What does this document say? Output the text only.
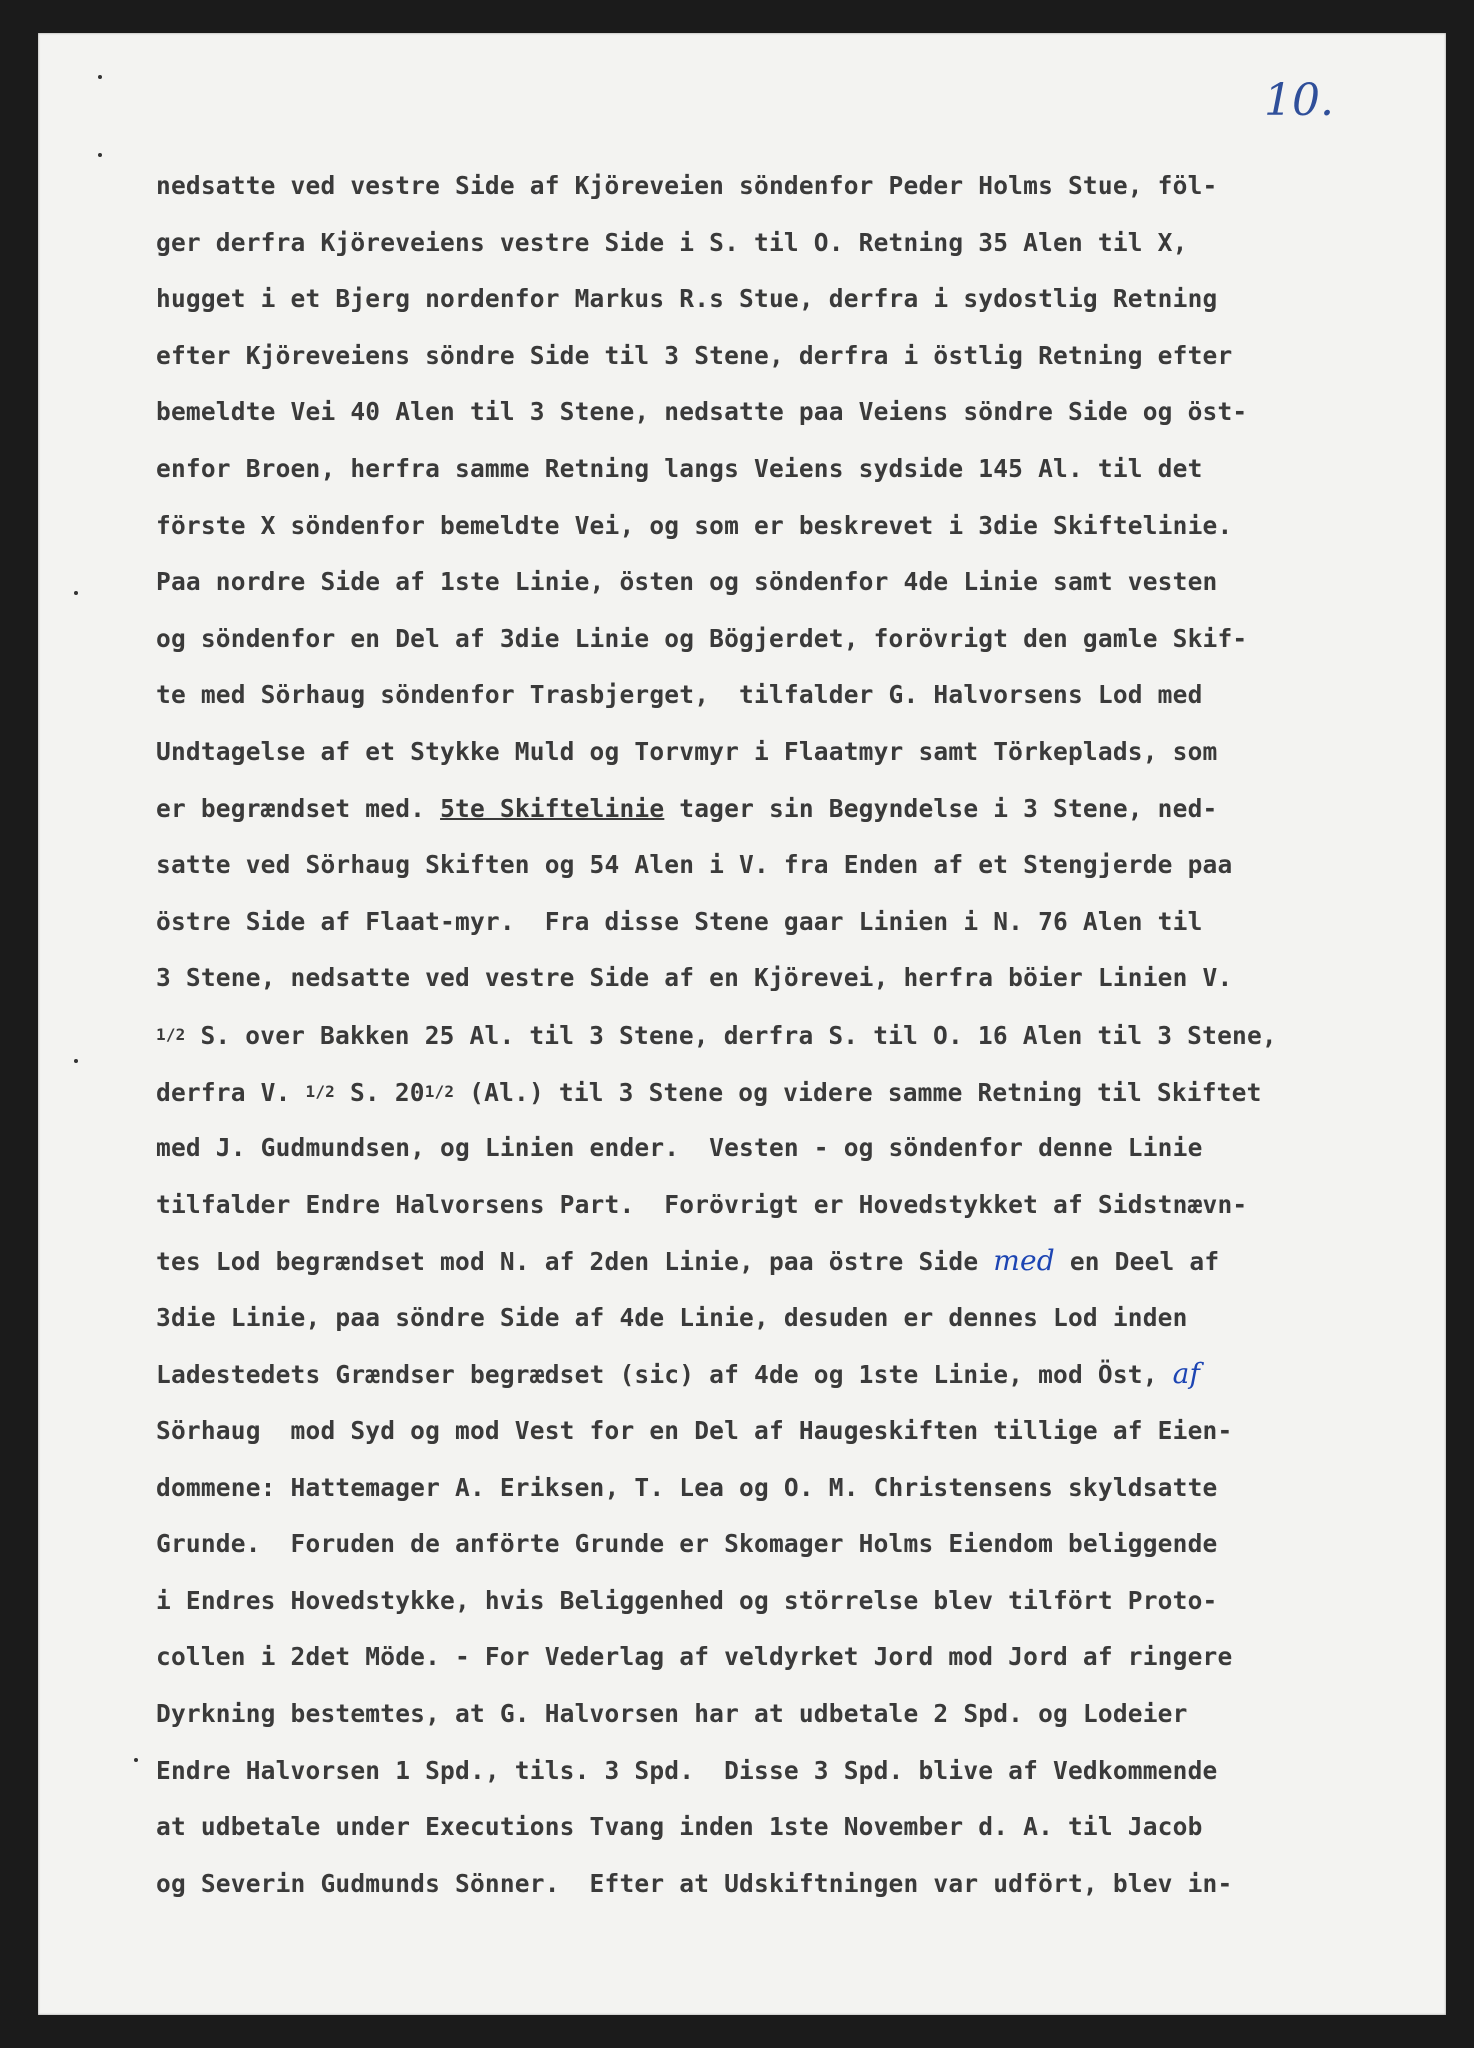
10.
nedsatte ved vestre Side af Kjöreveien söndenfor Peder Holms Stue, föl-
ger derfra Kjöreveiens vestre Side i S. til O. Retning 35 Alen til X,
hugget i et Bjerg nordenfor Markus R.s Stue, derfra i sydostlig Retning
efter Kjöreveiens söndre Side til 3 Stene, derfra i östlig Retning efter
bemeldte Vei 40 Alen til 3 Stene, nedsatte paa Veiens söndre Side og öst-
enfor Broen, herfra samme Retning langs Veiens sydside 145 Al. til det
förste X söndenfor bemeldte Vei, og som er beskrevet i 3die Skiftelinie.
Paa nordre Side af 1ste Linie, östen og söndenfor 4de Linie samt vesten
og söndenfor en Del af 3die Linie og Bögjerdet, forövrigt den gamle Skif-
te med Sörhaug söndenfor Trasbjerget,  tilfalder G. Halvorsens Lod med
Undtagelse af et Stykke Muld og Torvmyr i Flaatmyr samt Törkeplads, som
er begrændset med. 5te Skiftelinie tager sin Begyndelse i 3 Stene, ned-
satte ved Sörhaug Skiften og 54 Alen i V. fra Enden af et Stengjerde paa
östre Side af Flaat-myr.  Fra disse Stene gaar Linien i N. 76 Alen til
3 Stene, nedsatte ved vestre Side af en Kjörevei, herfra böier Linien V.
1/2 S. over Bakken 25 Al. til 3 Stene, derfra S. til O. 16 Alen til 3 Stene,
derfra V. 1/2 S. 201/2 (Al.) til 3 Stene og videre samme Retning til Skiftet
med J. Gudmundsen, og Linien ender.  Vesten - og söndenfor denne Linie
tilfalder Endre Halvorsens Part.  Forövrigt er Hovedstykket af Sidstnævn-
tes Lod begrændset mod N. af 2den Linie, paa östre Side med en Deel af
3die Linie, paa söndre Side af 4de Linie, desuden er dennes Lod inden
Ladestedets Grændser begrædset (sic) af 4de og 1ste Linie, mod Öst, af
Sörhaug  mod Syd og mod Vest for en Del af Haugeskiften tillige af Eien-
dommene: Hattemager A. Eriksen, T. Lea og O. M. Christensens skyldsatte
Grunde.  Foruden de anförte Grunde er Skomager Holms Eiendom beliggende
i Endres Hovedstykke, hvis Beliggenhed og störrelse blev tilfört Proto-
collen i 2det Möde. - For Vederlag af veldyrket Jord mod Jord af ringere
Dyrkning bestemtes, at G. Halvorsen har at udbetale 2 Spd. og Lodeier
Endre Halvorsen 1 Spd., tils. 3 Spd.  Disse 3 Spd. blive af Vedkommende
at udbetale under Executions Tvang inden 1ste November d. A. til Jacob
og Severin Gudmunds Sönner.  Efter at Udskiftningen var udfört, blev in-
